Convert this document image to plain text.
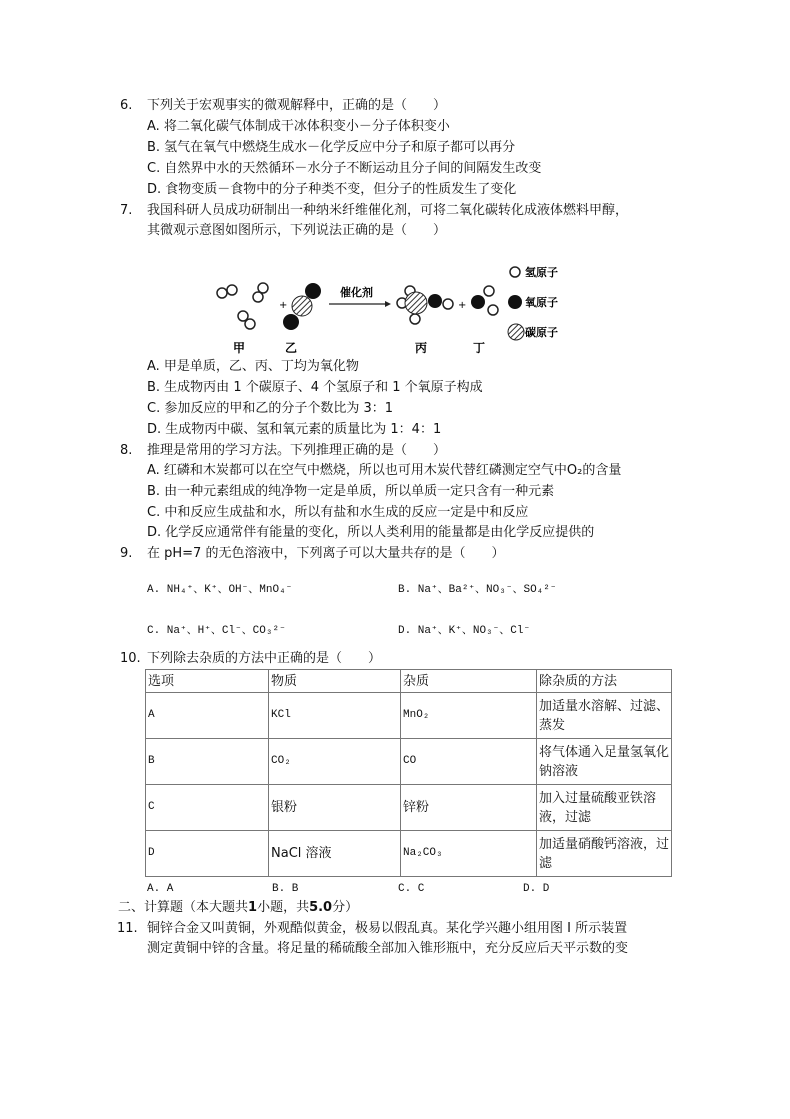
6. 下列关于宏观事实的微观解释中，正确的是（　　）
A. 将二氧化碳气体制成干冰体积变小－分子体积变小
B. 氢气在氧气中燃烧生成水－化学反应中分子和原子都可以再分
C. 自然界中水的天然循环－水分子不断运动且分子间的间隔发生改变
D. 食物变质－食物中的分子种类不变，但分子的性质发生了变化
7. 我国科研人员成功研制出一种纳米纤维催化剂，可将二氧化碳转化成液体燃料甲醇，
其微观示意图如图所示，下列说法正确的是（　　）
+
催化剂
+
甲	乙	丙	丁
氢原子
氧原子
碳原子
A. 甲是单质，乙、丙、丁均为氧化物
B. 生成物丙由 1 个碳原子、4 个氢原子和 1 个氧原子构成
C. 参加反应的甲和乙的分子个数比为 3：1
D. 生成物丙中碳、氢和氧元素的质量比为 1：4：1
8. 推理是常用的学习方法。下列推理正确的是（　　）
A. 红磷和木炭都可以在空气中燃烧，所以也可用木炭代替红磷测定空气中O₂的含量
B. 由一种元素组成的纯净物一定是单质，所以单质一定只含有一种元素
C. 中和反应生成盐和水，所以有盐和水生成的反应一定是中和反应
D. 化学反应通常伴有能量的变化，所以人类利用的能量都是由化学反应提供的
9. 在 pH=7 的无色溶液中，下列离子可以大量共存的是（　　）
A. NH₄⁺、K⁺、OH⁻、MnO₄⁻	B. Na⁺、Ba²⁺、NO₃⁻、SO₄²⁻
C. Na⁺、H⁺、Cl⁻、CO₃²⁻	D. Na⁺、K⁺、NO₃⁻、Cl⁻
10. 下列除去杂质的方法中正确的是（　　）
选项	物质	杂质	除杂质的方法
A	KCl	MnO₂	加适量水溶解、过滤、蒸发
B	CO₂	CO	将气体通入足量氢氧化钠溶液
C	银粉	锌粉	加入过量硫酸亚铁溶液，过滤
D	NaCl 溶液	Na₂CO₃	加适量硝酸钙溶液，过滤
A. A	B. B	C. C	D. D
二、计算题（本大题共1小题，共5.0分）
11. 铜锌合金又叫黄铜，外观酷似黄金，极易以假乱真。某化学兴趣小组用图 I 所示装置
测定黄铜中锌的含量。将足量的稀硫酸全部加入锥形瓶中，充分反应后天平示数的变
